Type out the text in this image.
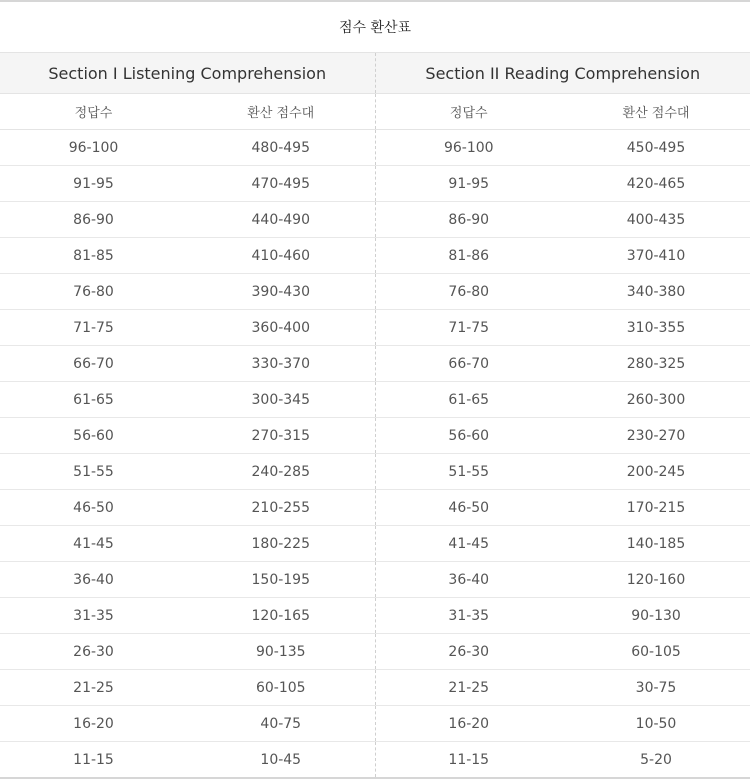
점수 환산표			
Section I Listening Comprehension		Section II Reading Comprehension	
정답수	환산 점수대	정답수	환산 점수대
96-100	480-495	96-100	450-495
91-95	470-495	91-95	420-465
86-90	440-490	86-90	400-435
81-85	410-460	81-86	370-410
76-80	390-430	76-80	340-380
71-75	360-400	71-75	310-355
66-70	330-370	66-70	280-325
61-65	300-345	61-65	260-300
56-60	270-315	56-60	230-270
51-55	240-285	51-55	200-245
46-50	210-255	46-50	170-215
41-45	180-225	41-45	140-185
36-40	150-195	36-40	120-160
31-35	120-165	31-35	90-130
26-30	90-135	26-30	60-105
21-25	60-105	21-25	30-75
16-20	40-75	16-20	10-50
11-15	10-45	11-15	5-20
